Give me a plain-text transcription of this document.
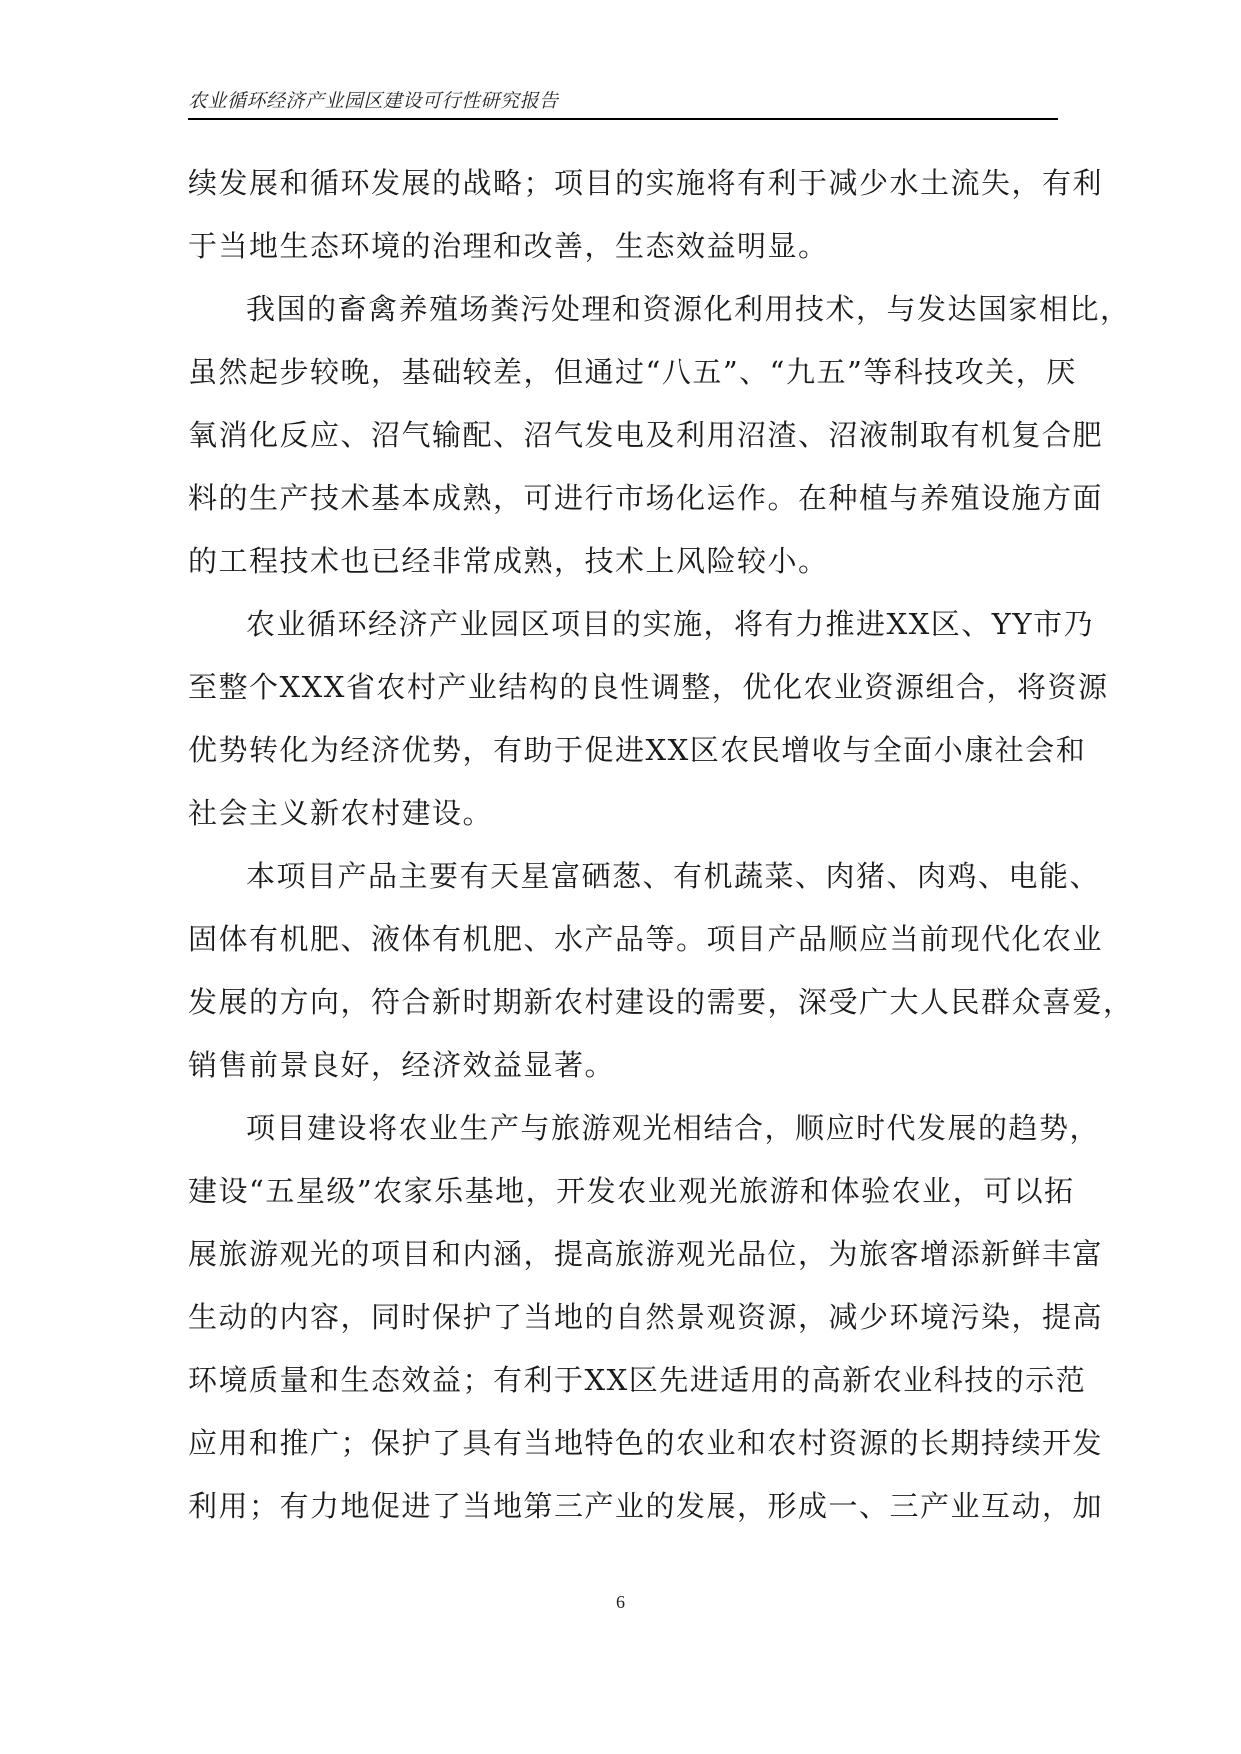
农业循环经济产业园区建设可行性研究报告
续发展和循环发展的战略；项目的实施将有利于减少水土流失，有利
于当地生态环境的治理和改善，生态效益明显。
我国的畜禽养殖场粪污处理和资源化利用技术，与发达国家相比，
虽然起步较晚，基础较差，但通过“八五”、“九五”等科技攻关，厌
氧消化反应、沼气输配、沼气发电及利用沼渣、沼液制取有机复合肥
料的生产技术基本成熟，可进行市场化运作。在种植与养殖设施方面
的工程技术也已经非常成熟，技术上风险较小。
农业循环经济产业园区项目的实施，将有力推进XX区、YY市乃
至整个XXX省农村产业结构的良性调整，优化农业资源组合，将资源
优势转化为经济优势，有助于促进XX区农民增收与全面小康社会和
社会主义新农村建设。
本项目产品主要有天星富硒葱、有机蔬菜、肉猪、肉鸡、电能、
固体有机肥、液体有机肥、水产品等。项目产品顺应当前现代化农业
发展的方向，符合新时期新农村建设的需要，深受广大人民群众喜爱，
销售前景良好，经济效益显著。
项目建设将农业生产与旅游观光相结合，顺应时代发展的趋势，
建设“五星级”农家乐基地，开发农业观光旅游和体验农业，可以拓
展旅游观光的项目和内涵，提高旅游观光品位，为旅客增添新鲜丰富
生动的内容，同时保护了当地的自然景观资源，减少环境污染，提高
环境质量和生态效益；有利于XX区先进适用的高新农业科技的示范
应用和推广；保护了具有当地特色的农业和农村资源的长期持续开发
利用；有力地促进了当地第三产业的发展，形成一、三产业互动，加
6
